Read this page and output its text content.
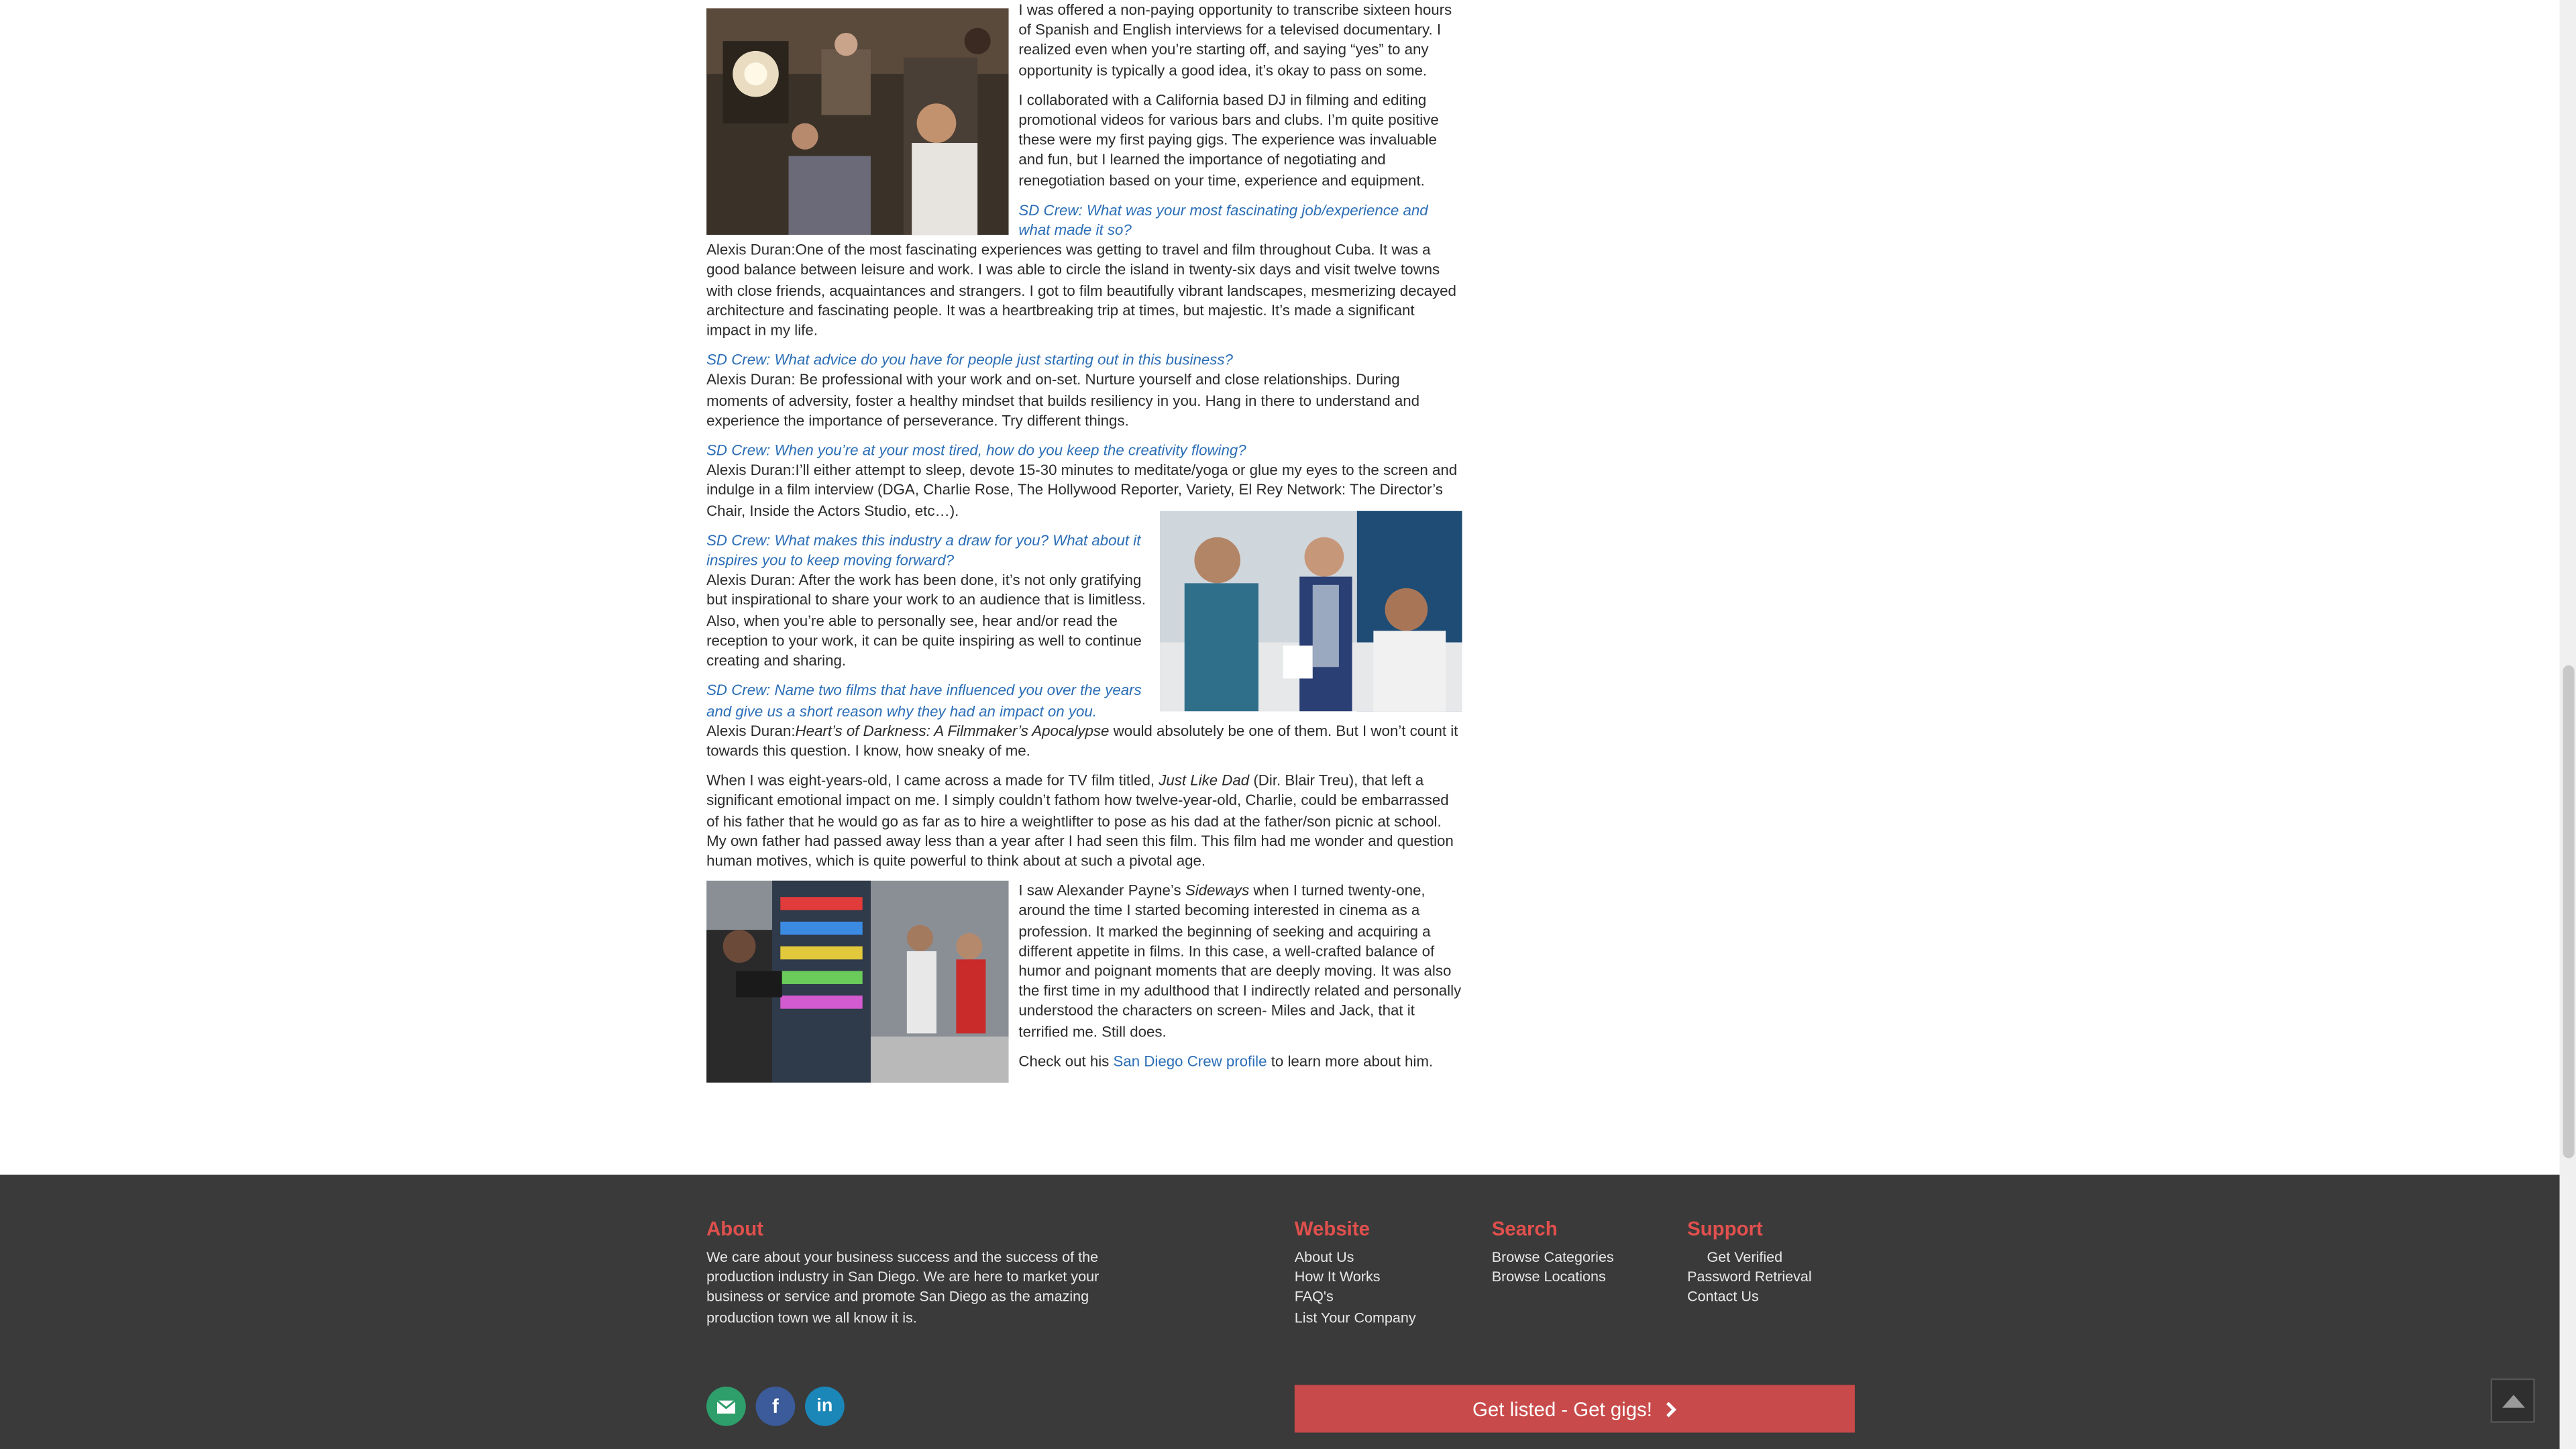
I was offered a non-paying opportunity to transcribe sixteen hours of Spanish and English interviews for a televised documentary. I realized even when you’re starting off, and saying “yes” to any opportunity is typically a good idea, it’s okay to pass on some.

I collaborated with a California based DJ in filming and editing promotional videos for various bars and clubs. I’m quite positive these were my first paying gigs. The experience was invaluable and fun, but I learned the importance of negotiating and renegotiation based on your time, experience and equipment.

SD Crew: What was your most fascinating job/experience and what made it so?

Alexis Duran:One of the most fascinating experiences was getting to travel and film throughout Cuba. It was a good balance between leisure and work. I was able to circle the island in twenty-six days and visit twelve towns with close friends, acquaintances and strangers. I got to film beautifully vibrant landscapes, mesmerizing decayed architecture and fascinating people. It was a heartbreaking trip at times, but majestic. It’s made a significant impact in my life.

SD Crew: What advice do you have for people just starting out in this business?

Alexis Duran: Be professional with your work and on-set. Nurture yourself and close relationships. During moments of adversity, foster a healthy mindset that builds resiliency in you. Hang in there to understand and experience the importance of perseverance. Try different things.

SD Crew: When you’re at your most tired, how do you keep the creativity flowing?

Alexis Duran:I’ll either attempt to sleep, devote 15-30 minutes to meditate/yoga or glue my eyes to the screen and indulge in a film interview (DGA, Charlie Rose, The Hollywood Reporter, Variety, El Rey Network: The Director’s Chair, Inside the Actors Studio, etc…).

SD Crew: What makes this industry a draw for you? What about it inspires you to keep moving forward?

Alexis Duran: After the work has been done, it’s not only gratifying but inspirational to share your work to an audience that is limitless. Also, when you’re able to personally see, hear and/or read the reception to your work, it can be quite inspiring as well to continue creating and sharing.

SD Crew: Name two films that have influenced you over the years and give us a short reason why they had an impact on you.

Alexis Duran:Heart’s of Darkness: A Filmmaker’s Apocalypse would absolutely be one of them. But I won’t count it towards this question. I know, how sneaky of me.

When I was eight-years-old, I came across a made for TV film titled, Just Like Dad (Dir. Blair Treu), that left a significant emotional impact on me. I simply couldn’t fathom how twelve-year-old, Charlie, could be embarrassed of his father that he would go as far as to hire a weightlifter to pose as his dad at the father/son picnic at school. My own father had passed away less than a year after I had seen this film. This film had me wonder and question human motives, which is quite powerful to think about at such a pivotal age.

I saw Alexander Payne’s Sideways when I turned twenty-one, around the time I started becoming interested in cinema as a profession. It marked the beginning of seeking and acquiring a different appetite in films. In this case, a well-crafted balance of humor and poignant moments that are deeply moving. It was also the first time in my adulthood that I indirectly related and personally understood the characters on screen- Miles and Jack, that it terrified me. Still does.

Check out his San Diego Crew profile to learn more about him.

About
We care about your business success and the success of the production industry in San Diego. We are here to market your business or service and promote San Diego as the amazing production town we all know it is.
Website
About Us
How It Works
FAQ's
List Your Company
Search
Browse Categories
Browse Locations
Support
Get Verified
Password Retrieval
Contact Us
f	in	Get listed - Get gigs!
